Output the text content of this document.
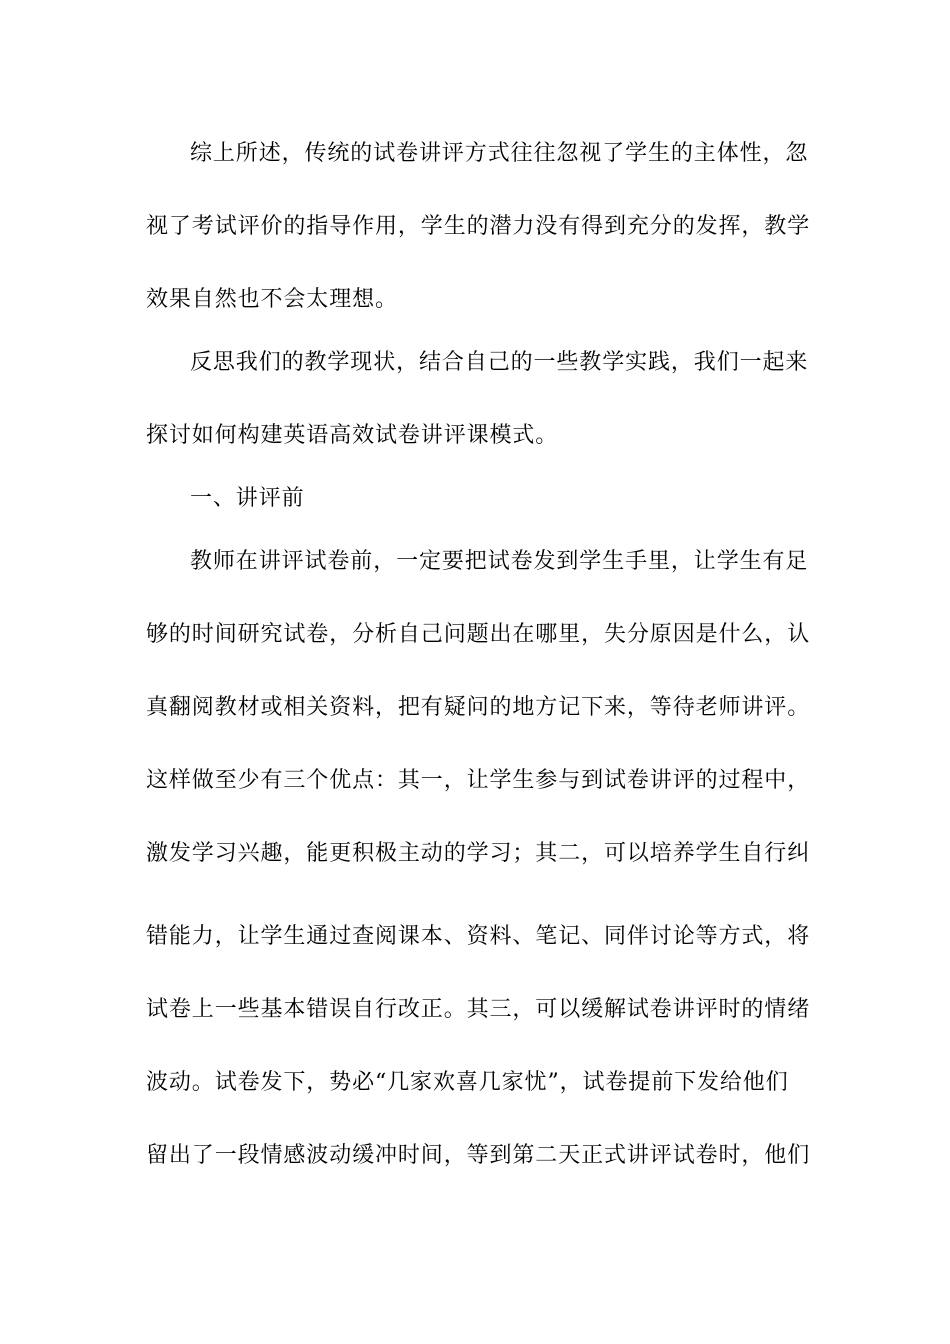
综上所述，传统的试卷讲评方式往往忽视了学生的主体性，忽
视了考试评价的指导作用，学生的潜力没有得到充分的发挥，教学
效果自然也不会太理想。
反思我们的教学现状，结合自己的一些教学实践，我们一起来
探讨如何构建英语高效试卷讲评课模式。
一、讲评前
教师在讲评试卷前，一定要把试卷发到学生手里，让学生有足
够的时间研究试卷，分析自己问题出在哪里，失分原因是什么，认
真翻阅教材或相关资料，把有疑问的地方记下来，等待老师讲评。
这样做至少有三个优点：其一，让学生参与到试卷讲评的过程中，
激发学习兴趣，能更积极主动的学习；其二，可以培养学生自行纠
错能力，让学生通过查阅课本、资料、笔记、同伴讨论等方式，将
试卷上一些基本错误自行改正。其三，可以缓解试卷讲评时的情绪
波动。试卷发下，势必“几家欢喜几家忧”，试卷提前下发给他们
留出了一段情感波动缓冲时间，等到第二天正式讲评试卷时，他们
